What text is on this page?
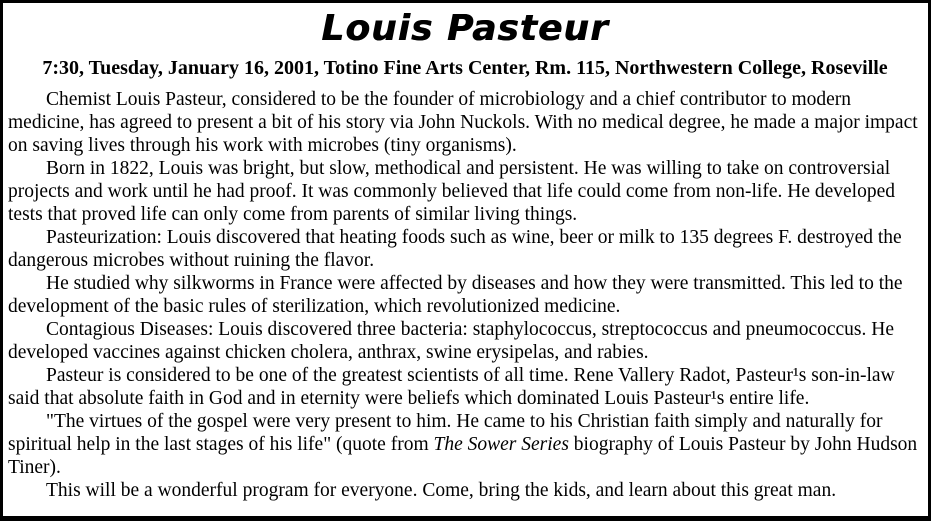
Louis Pasteur
7:30, Tuesday, January 16, 2001, Totino Fine Arts Center, Rm. 115, Northwestern College, Roseville

Chemist Louis Pasteur, considered to be the founder of microbiology and a chief contributor to modern medicine, has agreed to present a bit of his story via John Nuckols. With no medical degree, he made a major impact on saving lives through his work with microbes (tiny organisms).

Born in 1822, Louis was bright, but slow, methodical and persistent. He was willing to take on controversial projects and work until he had proof. It was commonly believed that life could come from non-life. He developed tests that proved life can only come from parents of similar living things.

Pasteurization: Louis discovered that heating foods such as wine, beer or milk to 135 degrees F. destroyed the dangerous microbes without ruining the flavor.

He studied why silkworms in France were affected by diseases and how they were transmitted. This led to the development of the basic rules of sterilization, which revolutionized medicine.

Contagious Diseases: Louis discovered three bacteria: staphylococcus, streptococcus and pneumococcus. He developed vaccines against chicken cholera, anthrax, swine erysipelas, and rabies.

Pasteur is considered to be one of the greatest scientists of all time. Rene Vallery Radot, Pasteur¹s son-in-law said that absolute faith in God and in eternity were beliefs which dominated Louis Pasteur¹s entire life.

"The virtues of the gospel were very present to him. He came to his Christian faith simply and naturally for spiritual help in the last stages of his life" (quote from The Sower Series biography of Louis Pasteur by John Hudson Tiner).

This will be a wonderful program for everyone. Come, bring the kids, and learn about this great man.
